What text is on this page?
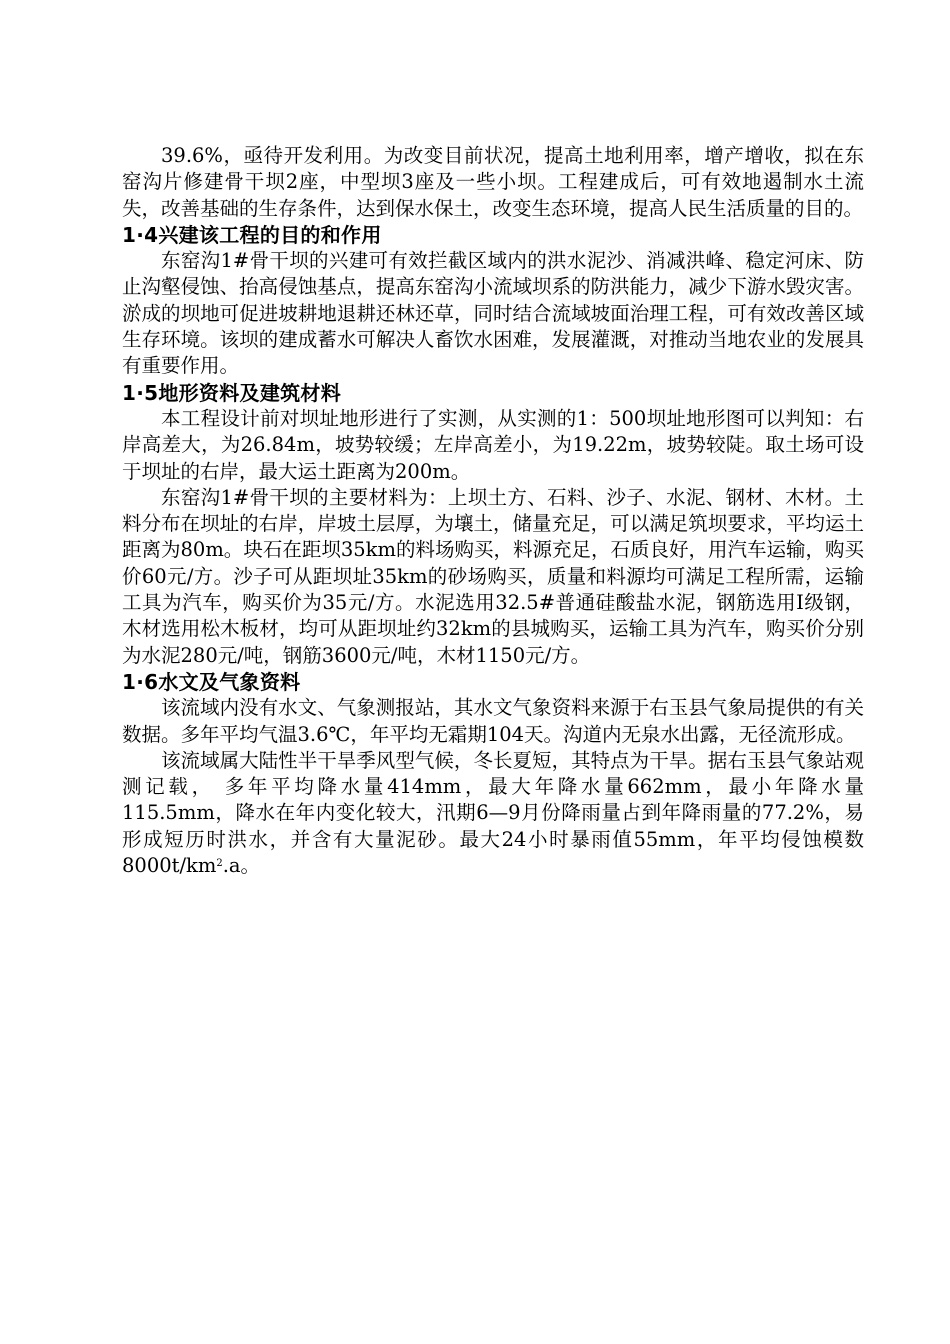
39.6%，亟待开发利用。为改变目前状况，提高土地利用率，增产增收，拟在东窑沟片修建骨干坝2座，中型坝3座及一些小坝。工程建成后，可有效地遏制水土流失，改善基础的生存条件，达到保水保土，改变生态环境，提高人民生活质量的目的。

1·4兴建该工程的目的和作用

东窑沟1#骨干坝的兴建可有效拦截区域内的洪水泥沙、消减洪峰、稳定河床、防止沟壑侵蚀、抬高侵蚀基点，提高东窑沟小流域坝系的防洪能力，减少下游水毁灾害。淤成的坝地可促进坡耕地退耕还林还草，同时结合流域坡面治理工程，可有效改善区域生存环境。该坝的建成蓄水可解决人畜饮水困难，发展灌溉，对推动当地农业的发展具有重要作用。

1·5地形资料及建筑材料

本工程设计前对坝址地形进行了实测，从实测的1：500坝址地形图可以判知：右岸高差大，为26.84m，坡势较缓；左岸高差小，为19.22m，坡势较陡。取土场可设于坝址的右岸，最大运土距离为200m。

东窑沟1#骨干坝的主要材料为：上坝土方、石料、沙子、水泥、钢材、木材。土料分布在坝址的右岸，岸坡土层厚，为壤土，储量充足，可以满足筑坝要求，平均运土距离为80m。块石在距坝35km的料场购买，料源充足，石质良好，用汽车运输，购买价60元/方。沙子可从距坝址35km的砂场购买，质量和料源均可满足工程所需，运输工具为汽车，购买价为35元/方。水泥选用32.5#普通硅酸盐水泥，钢筋选用Ⅰ级钢，木材选用松木板材，均可从距坝址约32km的县城购买，运输工具为汽车，购买价分别为水泥280元/吨，钢筋3600元/吨，木材1150元/方。

1·6水文及气象资料

该流域内没有水文、气象测报站，其水文气象资料来源于右玉县气象局提供的有关数据。多年平均气温3.6℃，年平均无霜期104天。沟道内无泉水出露，无径流形成。

该流域属大陆性半干旱季风型气候，冬长夏短，其特点为干旱。据右玉县气象站观测记载， 多年平均降水量414mm，最大年降水量662mm，最小年降水量115.5mm，降水在年内变化较大，汛期6—9月份降雨量占到年降雨量的77.2%，易形成短历时洪水，并含有大量泥砂。最大24小时暴雨值55mm，年平均侵蚀模数$8000t/km^2.a$。
